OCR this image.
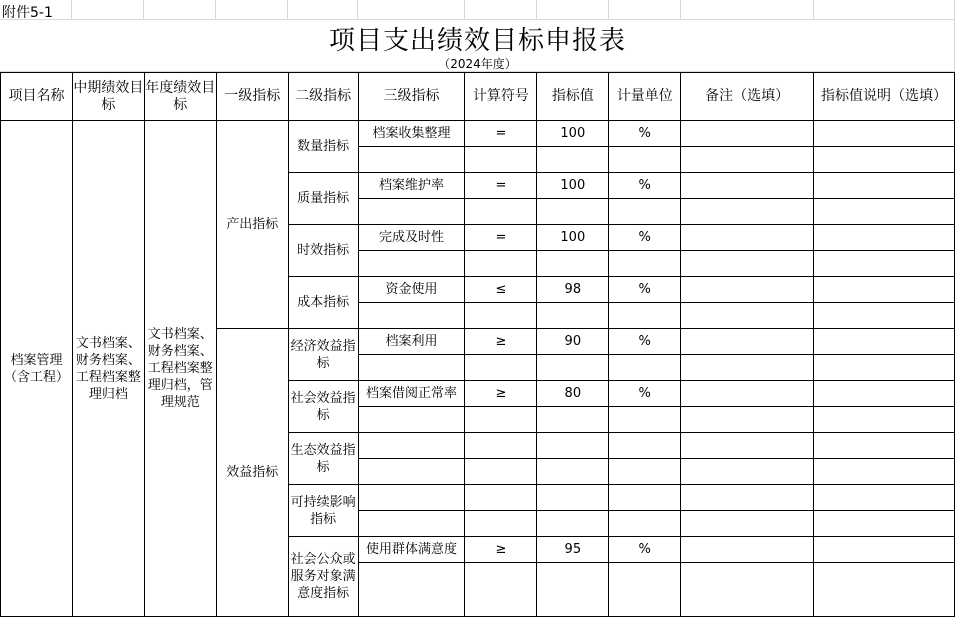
附件5-1
项目支出绩效目标申报表
（2024年度）
项目名称	中期绩效目标	年度绩效目标	一级指标	二级指标	三级指标	计算符号	指标值	计量单位	备注（选填）	指标值说明（选填）
档案管理（含工程）	文书档案、财务档案、工程档案整理归档	文书档案、财务档案、工程档案整理归档，管理规范	产出指标	数量指标	档案收集整理	=	100	%		

				质量指标	档案维护率	=	100	%		

				时效指标	完成及时性	=	100	%		

				成本指标	资金使用	≤	98	%		

			效益指标	经济效益指标	档案利用	≥	90	%		

				社会效益指标	档案借阅正常率	≥	80	%		

				生态效益指标						

				可持续影响指标						

				社会公众或服务对象满意度指标	使用群体满意度	≥	95	%		
